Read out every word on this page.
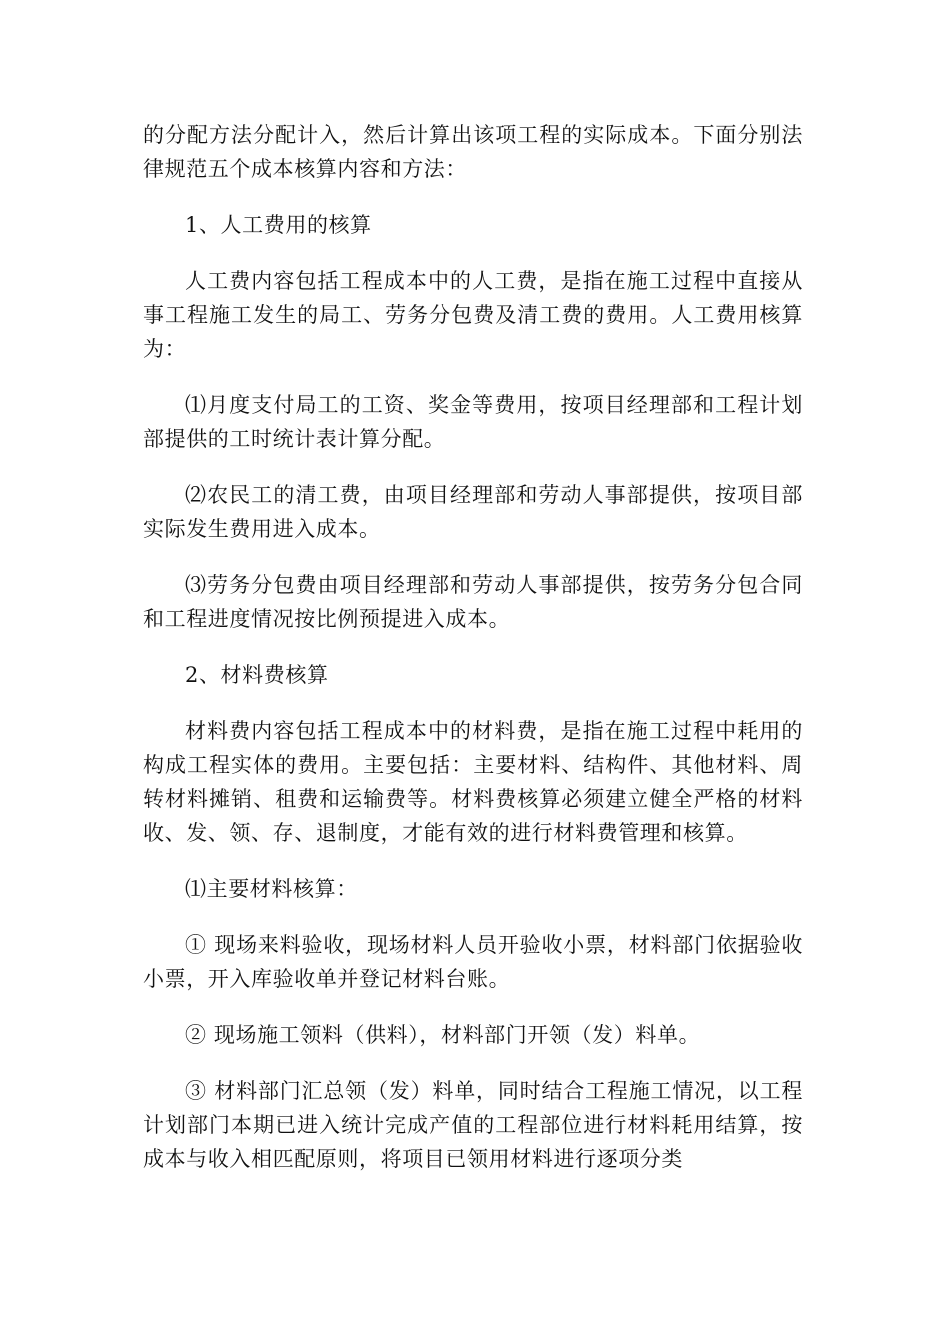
的分配方法分配计入，然后计算出该项工程的实际成本。下面分别法律规范五个成本核算内容和方法：

1、人工费用的核算

人工费内容包括工程成本中的人工费，是指在施工过程中直接从事工程施工发生的局工、劳务分包费及清工费的费用。人工费用核算为：

⑴月度支付局工的工资、奖金等费用，按项目经理部和工程计划部提供的工时统计表计算分配。

⑵农民工的清工费，由项目经理部和劳动人事部提供，按项目部实际发生费用进入成本。

⑶劳务分包费由项目经理部和劳动人事部提供，按劳务分包合同和工程进度情况按比例预提进入成本。

2、材料费核算

材料费内容包括工程成本中的材料费，是指在施工过程中耗用的构成工程实体的费用。主要包括：主要材料、结构件、其他材料、周转材料摊销、租费和运输费等。材料费核算必须建立健全严格的材料收、发、领、存、退制度，才能有效的进行材料费管理和核算。

⑴主要材料核算：

① 现场来料验收，现场材料人员开验收小票，材料部门依据验收小票，开入库验收单并登记材料台账。

② 现场施工领料（供料），材料部门开领（发）料单。

③ 材料部门汇总领（发）料单，同时结合工程施工情况，以工程计划部门本期已进入统计完成产值的工程部位进行材料耗用结算，按成本与收入相匹配原则，将项目已领用材料进行逐项分类
